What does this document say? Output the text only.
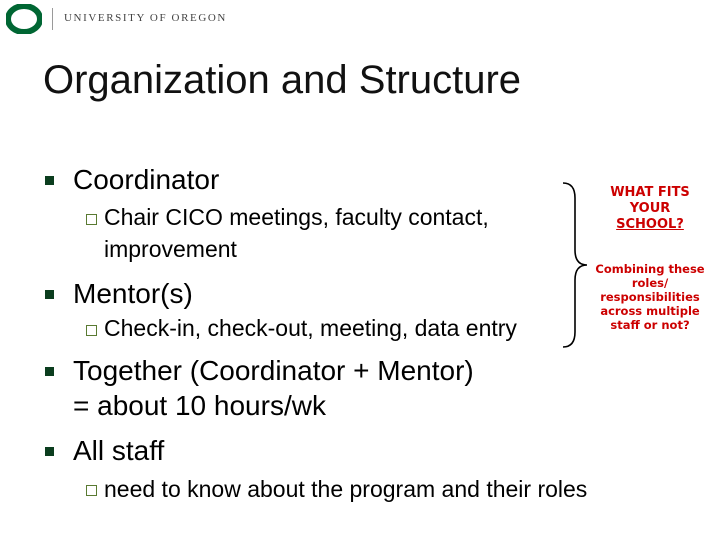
UNIVERSITY OF OREGON
Organization and Structure
Coordinator
Chair CICO meetings, faculty contact,
improvement
Mentor(s)
Check-in, check-out, meeting, data entry
Together (Coordinator + Mentor)
= about 10 hours/wk
All staff
need to know about the program and their roles
WHAT FITS
YOUR
SCHOOL?
Combining these
roles/
responsibilities
across multiple
staff or not?
